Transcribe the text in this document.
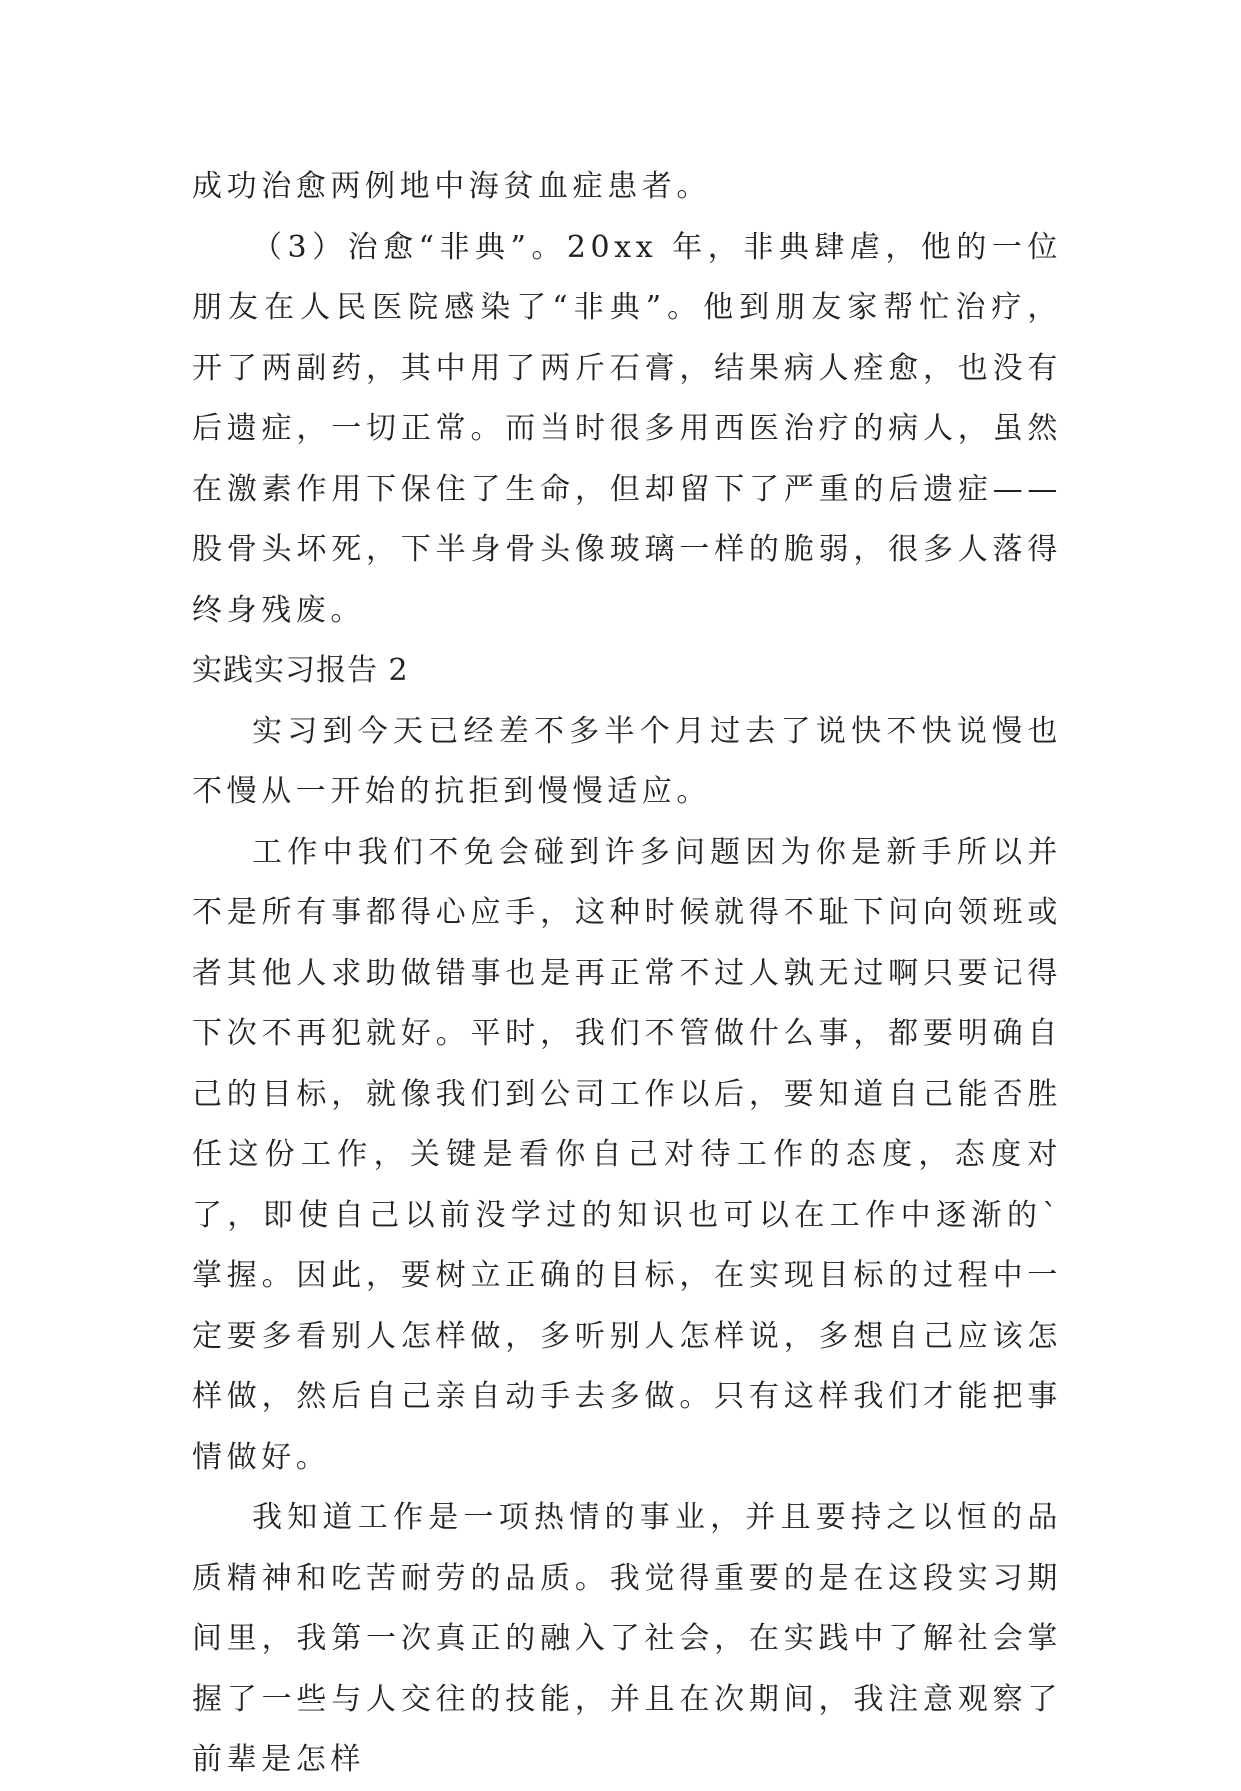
成功治愈两例地中海贫血症患者。

（3）治愈“非典”。20xx 年，非典肆虐，他的一位朋友在人民医院感染了“非典”。他到朋友家帮忙治疗，开了两副药，其中用了两斤石膏，结果病人痊愈，也没有后遗症，一切正常。而当时很多用西医治疗的病人，虽然在激素作用下保住了生命，但却留下了严重的后遗症——股骨头坏死，下半身骨头像玻璃一样的脆弱，很多人落得终身残废。

实践实习报告 2

实习到今天已经差不多半个月过去了说快不快说慢也不慢从一开始的抗拒到慢慢适应。

工作中我们不免会碰到许多问题因为你是新手所以并不是所有事都得心应手，这种时候就得不耻下问向领班或者其他人求助做错事也是再正常不过人孰无过啊只要记得下次不再犯就好。平时，我们不管做什么事，都要明确自己的目标，就像我们到公司工作以后，要知道自己能否胜任这份工作，关键是看你自己对待工作的态度，态度对了，即使自己以前没学过的知识也可以在工作中逐渐的`掌握。因此，要树立正确的目标，在实现目标的过程中一定要多看别人怎样做，多听别人怎样说，多想自己应该怎样做，然后自己亲自动手去多做。只有这样我们才能把事情做好。

我知道工作是一项热情的事业，并且要持之以恒的品质精神和吃苦耐劳的品质。我觉得重要的是在这段实习期间里，我第一次真正的融入了社会，在实践中了解社会掌握了一些与人交往的技能，并且在次期间，我注意观察了前辈是怎样
